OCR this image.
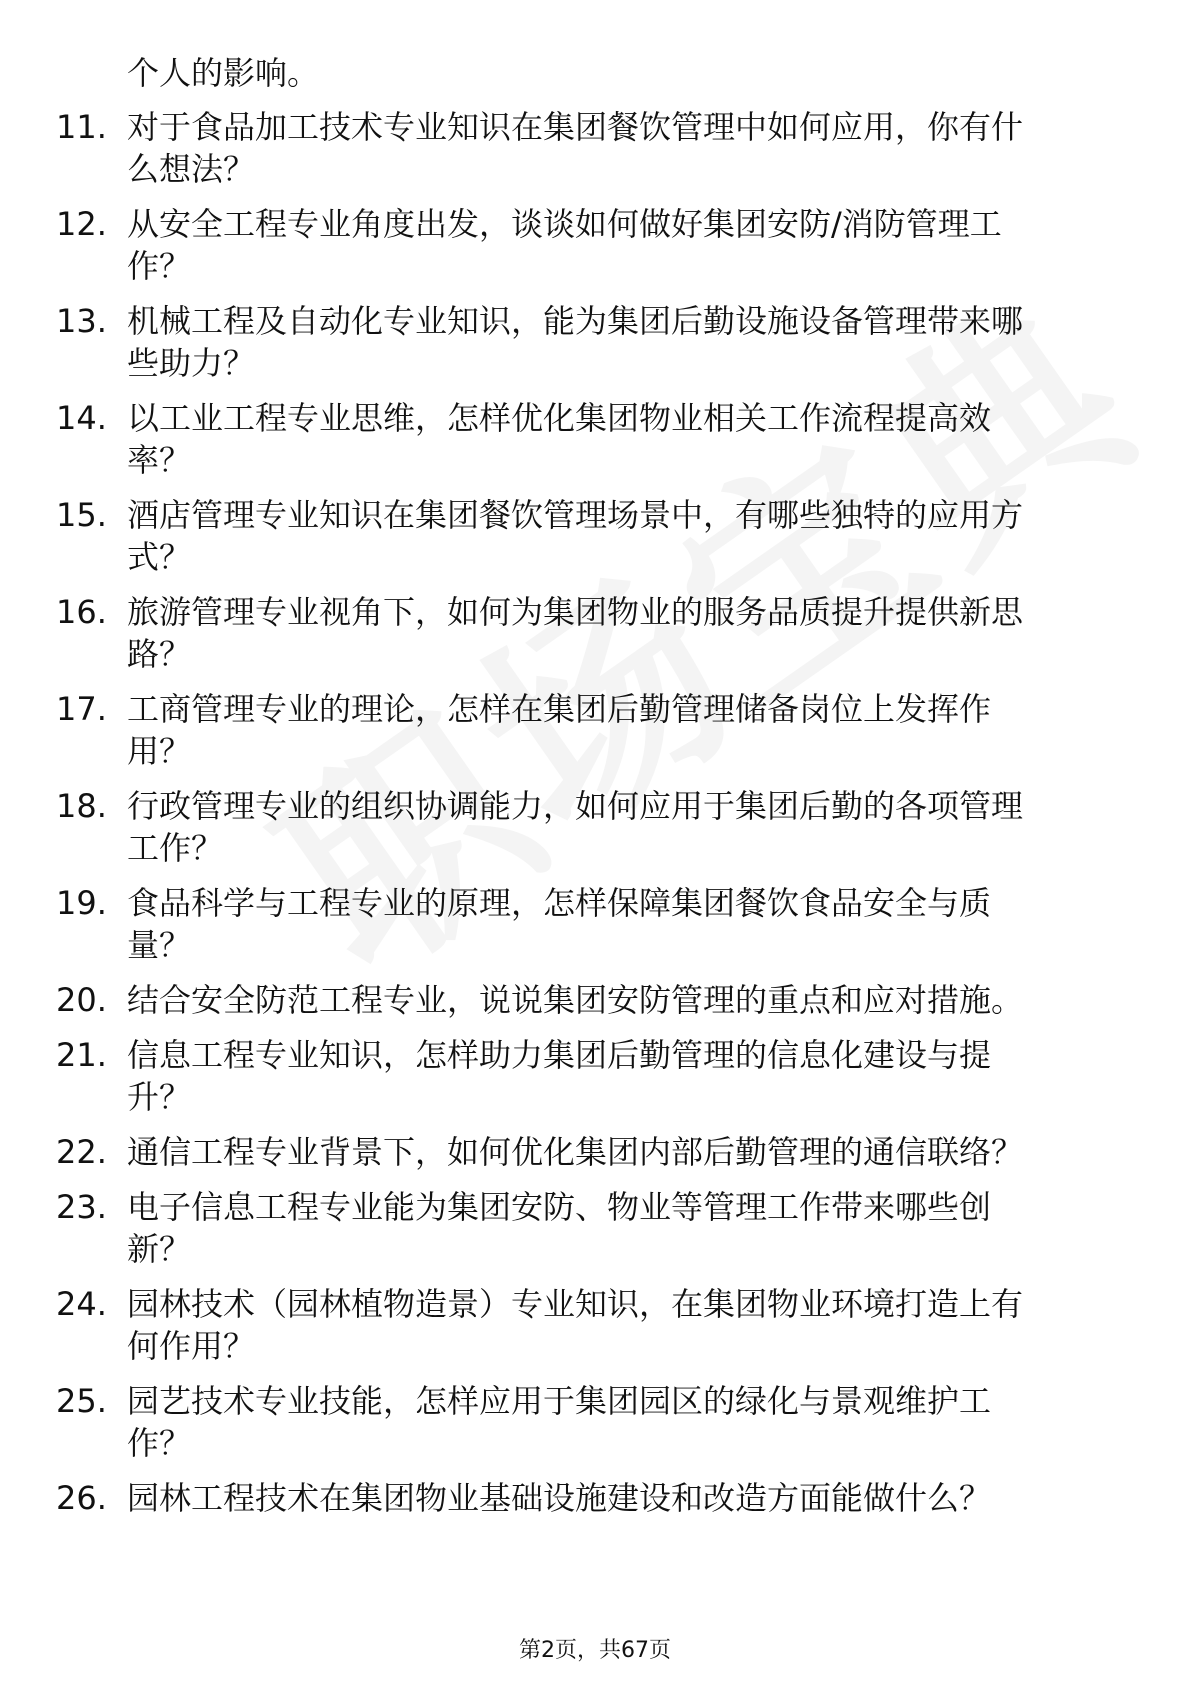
个人的影响。
11. 对于食品加工技术专业知识在集团餐饮管理中如何应用，你有什
么想法？
12. 从安全工程专业角度出发，谈谈如何做好集团安防/消防管理工
作？
13. 机械工程及自动化专业知识，能为集团后勤设施设备管理带来哪
些助力？
14. 以工业工程专业思维，怎样优化集团物业相关工作流程提高效
率？
15. 酒店管理专业知识在集团餐饮管理场景中，有哪些独特的应用方
式？
16. 旅游管理专业视角下，如何为集团物业的服务品质提升提供新思
路？
17. 工商管理专业的理论，怎样在集团后勤管理储备岗位上发挥作
用？
18. 行政管理专业的组织协调能力，如何应用于集团后勤的各项管理
工作？
19. 食品科学与工程专业的原理，怎样保障集团餐饮食品安全与质
量？
20. 结合安全防范工程专业，说说集团安防管理的重点和应对措施。
21. 信息工程专业知识，怎样助力集团后勤管理的信息化建设与提
升？
22. 通信工程专业背景下，如何优化集团内部后勤管理的通信联络？
23. 电子信息工程专业能为集团安防、物业等管理工作带来哪些创
新？
24. 园林技术（园林植物造景）专业知识，在集团物业环境打造上有
何作用？
25. 园艺技术专业技能，怎样应用于集团园区的绿化与景观维护工
作？
26. 园林工程技术在集团物业基础设施建设和改造方面能做什么？
第2页，共67页
